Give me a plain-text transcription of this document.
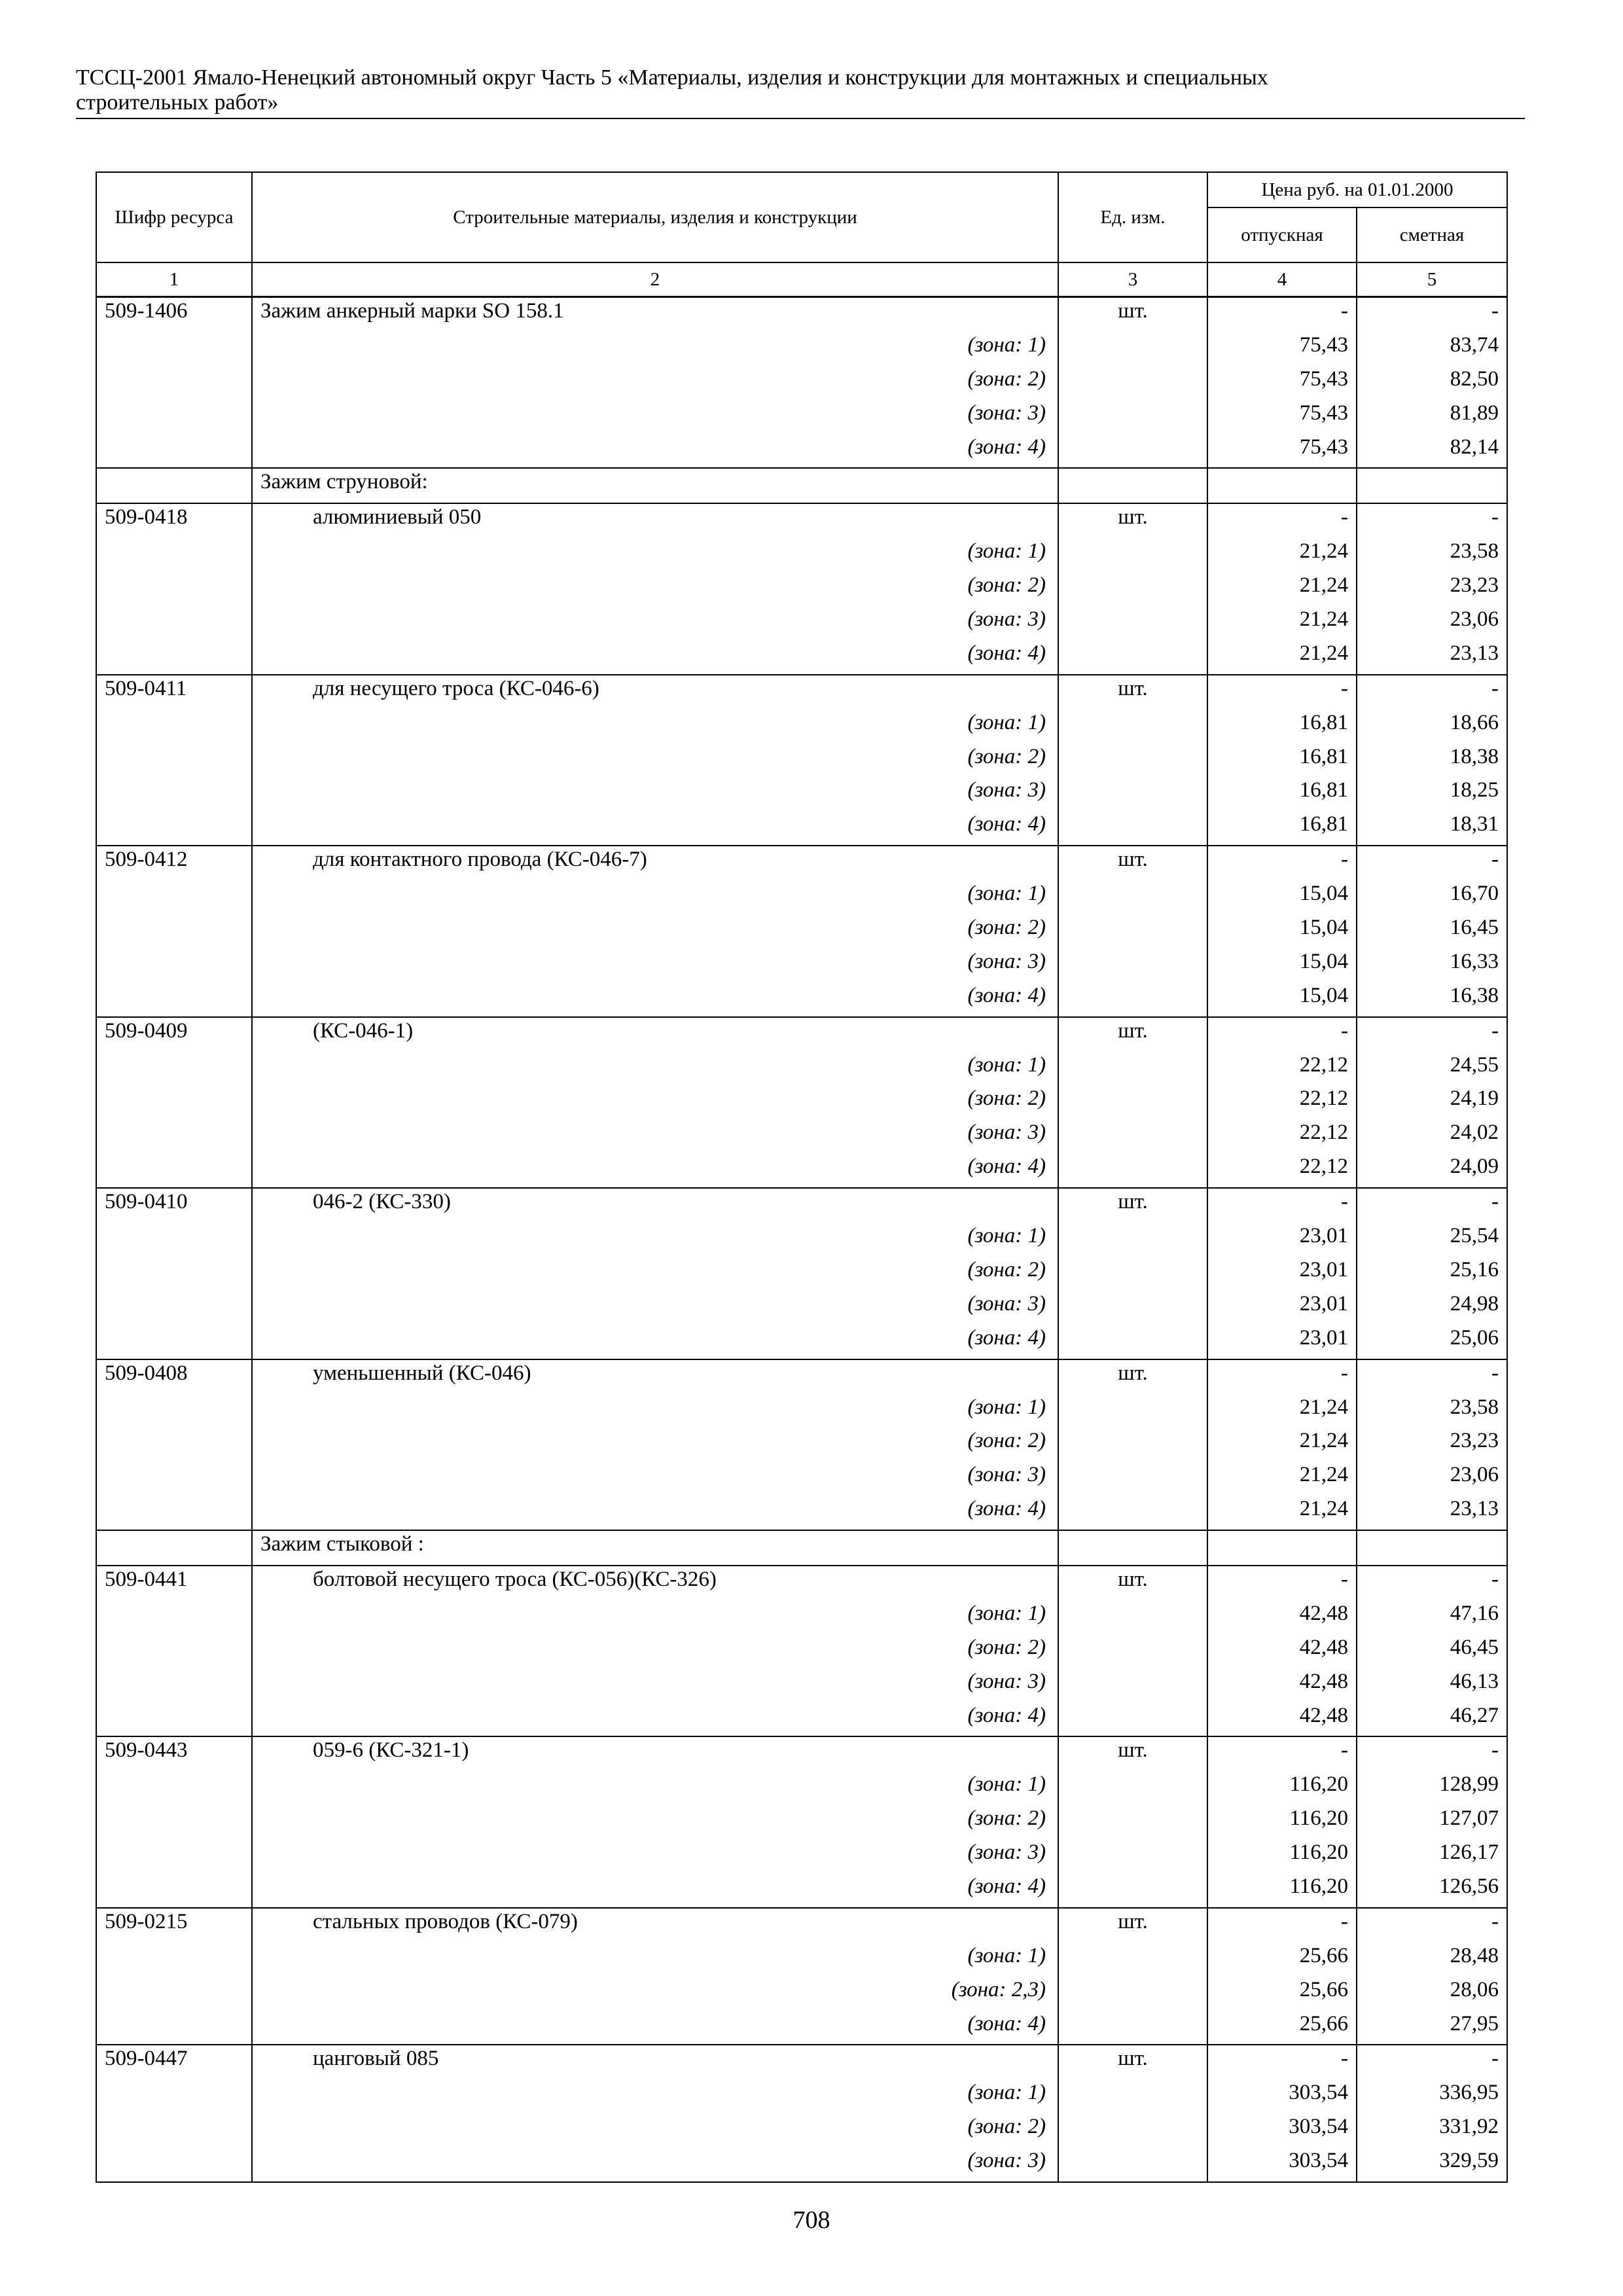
ТССЦ-2001 Ямало-Ненецкий автономный округ Часть 5 «Материалы, изделия и конструкции для монтажных и специальных
строительных работ»
Шифр ресурса	Строительные материалы, изделия и конструкции	Ед. изм.	Цена руб. на 01.01.2000	
			отпускная	сметная
1	2	3	4	5
509-1406	Зажим анкерный марки SO 158.1	шт.	-	-
	(зона: 1)		75,43	83,74
	(зона: 2)		75,43	82,50
	(зона: 3)		75,43	81,89
	(зона: 4)		75,43	82,14
	Зажим струновой:			
509-0418	алюминиевый 050	шт.	-	-
	(зона: 1)		21,24	23,58
	(зона: 2)		21,24	23,23
	(зона: 3)		21,24	23,06
	(зона: 4)		21,24	23,13
509-0411	для несущего троса (КС-046-6)	шт.	-	-
	(зона: 1)		16,81	18,66
	(зона: 2)		16,81	18,38
	(зона: 3)		16,81	18,25
	(зона: 4)		16,81	18,31
509-0412	для контактного провода (КС-046-7)	шт.	-	-
	(зона: 1)		15,04	16,70
	(зона: 2)		15,04	16,45
	(зона: 3)		15,04	16,33
	(зона: 4)		15,04	16,38
509-0409	(КС-046-1)	шт.	-	-
	(зона: 1)		22,12	24,55
	(зона: 2)		22,12	24,19
	(зона: 3)		22,12	24,02
	(зона: 4)		22,12	24,09
509-0410	046-2 (КС-330)	шт.	-	-
	(зона: 1)		23,01	25,54
	(зона: 2)		23,01	25,16
	(зона: 3)		23,01	24,98
	(зона: 4)		23,01	25,06
509-0408	уменьшенный (КС-046)	шт.	-	-
	(зона: 1)		21,24	23,58
	(зона: 2)		21,24	23,23
	(зона: 3)		21,24	23,06
	(зона: 4)		21,24	23,13
	Зажим стыковой :			
509-0441	болтовой несущего троса (КС-056)(КС-326)	шт.	-	-
	(зона: 1)		42,48	47,16
	(зона: 2)		42,48	46,45
	(зона: 3)		42,48	46,13
	(зона: 4)		42,48	46,27
509-0443	059-6 (КС-321-1)	шт.	-	-
	(зона: 1)		116,20	128,99
	(зона: 2)		116,20	127,07
	(зона: 3)		116,20	126,17
	(зона: 4)		116,20	126,56
509-0215	стальных проводов (КС-079)	шт.	-	-
	(зона: 1)		25,66	28,48
	(зона: 2,3)		25,66	28,06
	(зона: 4)		25,66	27,95
509-0447	цанговый 085	шт.	-	-
	(зона: 1)		303,54	336,95
	(зона: 2)		303,54	331,92
	(зона: 3)		303,54	329,59
708
